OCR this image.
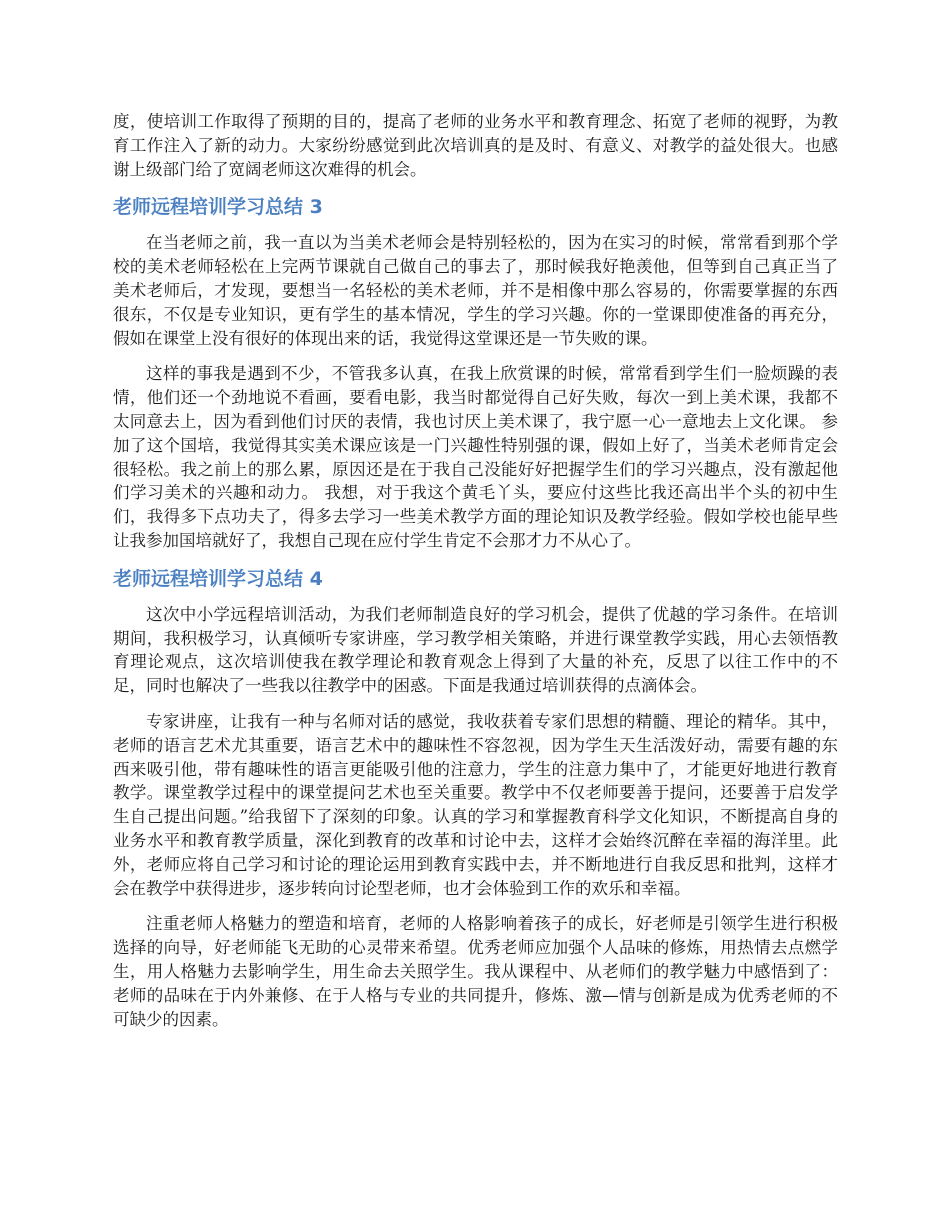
度，使培训工作取得了预期的目的，提高了老师的业务水平和教育理念、拓宽了老师的视野，为教育工作注入了新的动力。大家纷纷感觉到此次培训真的是及时、有意义、对教学的益处很大。也感谢上级部门给了宽阔老师这次难得的机会。

老师远程培训学习总结 3

在当老师之前，我一直以为当美术老师会是特别轻松的，因为在实习的时候，常常看到那个学校的美术老师轻松在上完两节课就自己做自己的事去了，那时候我好艳羡他，但等到自己真正当了美术老师后，才发现，要想当一名轻松的美术老师，并不是相像中那么容易的，你需要掌握的东西很东，不仅是专业知识，更有学生的基本情况，学生的学习兴趣。你的一堂课即使准备的再充分，假如在课堂上没有很好的体现出来的话，我觉得这堂课还是一节失败的课。

这样的事我是遇到不少，不管我多认真，在我上欣赏课的时候，常常看到学生们一脸烦躁的表情，他们还一个劲地说不看画，要看电影，我当时都觉得自己好失败，每次一到上美术课，我都不太同意去上，因为看到他们讨厌的表情，我也讨厌上美术课了，我宁愿一心一意地去上文化课。 参加了这个国培，我觉得其实美术课应该是一门兴趣性特别强的课，假如上好了，当美术老师肯定会很轻松。我之前上的那么累，原因还是在于我自己没能好好把握学生们的学习兴趣点，没有激起他们学习美术的兴趣和动力。 我想，对于我这个黄毛丫头，要应付这些比我还高出半个头的初中生们，我得多下点功夫了，得多去学习一些美术教学方面的理论知识及教学经验。假如学校也能早些让我参加国培就好了，我想自己现在应付学生肯定不会那才力不从心了。

老师远程培训学习总结 4

这次中小学远程培训活动，为我们老师制造良好的学习机会，提供了优越的学习条件。在培训期间，我积极学习，认真倾听专家讲座，学习教学相关策略，并进行课堂教学实践，用心去领悟教育理论观点，这次培训使我在教学理论和教育观念上得到了大量的补充，反思了以往工作中的不足，同时也解决了一些我以往教学中的困惑。下面是我通过培训获得的点滴体会。

专家讲座，让我有一种与名师对话的感觉，我收获着专家们思想的精髓、理论的精华。其中，老师的语言艺术尤其重要，语言艺术中的趣味性不容忽视，因为学生天生活泼好动，需要有趣的东西来吸引他，带有趣味性的语言更能吸引他的注意力，学生的注意力集中了，才能更好地进行教育教学。课堂教学过程中的课堂提问艺术也至关重要。教学中不仅老师要善于提问，还要善于启发学生自己提出问题。”给我留下了深刻的印象。认真的学习和掌握教育科学文化知识，不断提高自身的业务水平和教育教学质量，深化到教育的改革和讨论中去，这样才会始终沉醉在幸福的海洋里。此外，老师应将自己学习和讨论的理论运用到教育实践中去，并不断地进行自我反思和批判，这样才会在教学中获得进步，逐步转向讨论型老师，也才会体验到工作的欢乐和幸福。

注重老师人格魅力的塑造和培育，老师的人格影响着孩子的成长，好老师是引领学生进行积极选择的向导，好老师能飞无助的心灵带来希望。优秀老师应加强个人品味的修炼，用热情去点燃学生，用人格魅力去影响学生，用生命去关照学生。我从课程中、从老师们的教学魅力中感悟到了：老师的品味在于内外兼修、在于人格与专业的共同提升，修炼、激—情与创新是成为优秀老师的不可缺少的因素。
